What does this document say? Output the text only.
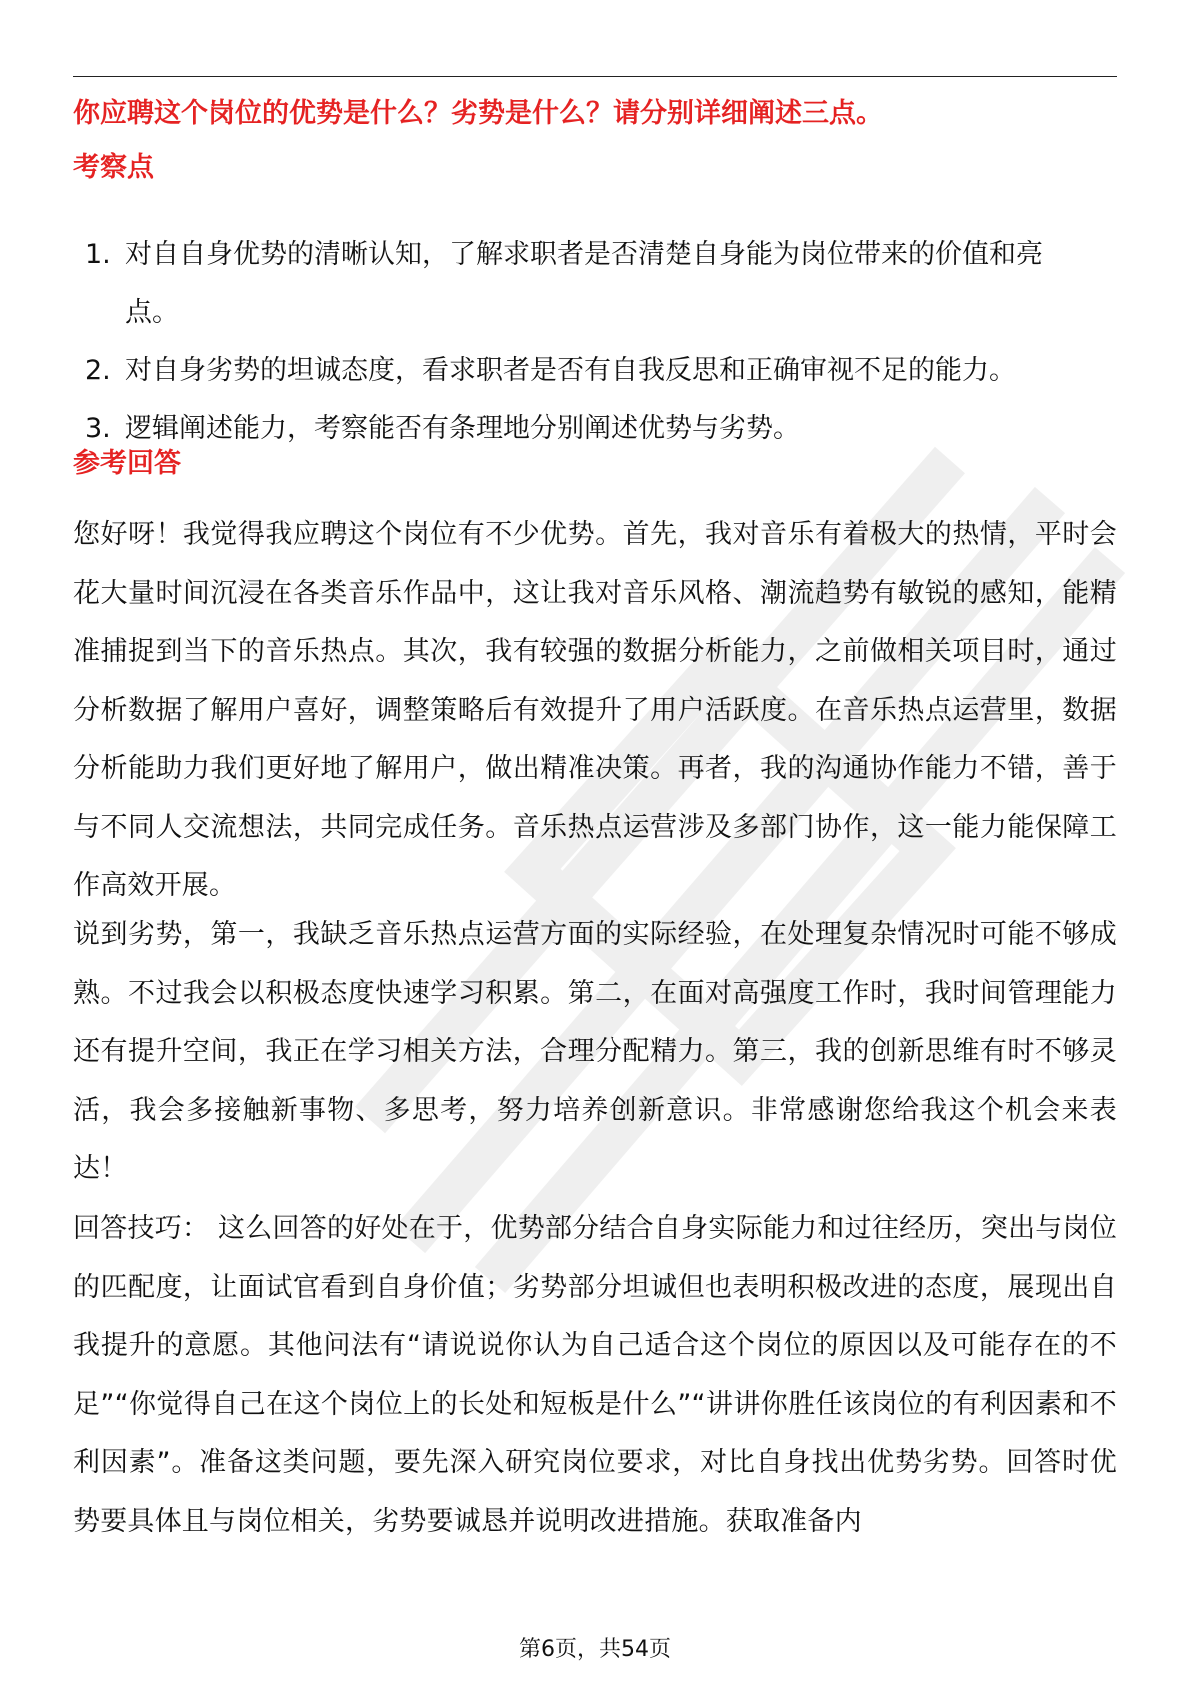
你应聘这个岗位的优势是什么？劣势是什么？请分别详细阐述三点。
考察点
1. 对自自身优势的清晰认知，了解求职者是否清楚自身能为岗位带来的价值和亮点。
2. 对自身劣势的坦诚态度，看求职者是否有自我反思和正确审视不足的能力。
3. 逻辑阐述能力，考察能否有条理地分别阐述优势与劣势。
参考回答

您好呀！我觉得我应聘这个岗位有不少优势。首先，我对音乐有着极大的热情，平时会花大量时间沉浸在各类音乐作品中，这让我对音乐风格、潮流趋势有敏锐的感知，能精准捕捉到当下的音乐热点。其次，我有较强的数据分析能力，之前做相关项目时，通过分析数据了解用户喜好，调整策略后有效提升了用户活跃度。在音乐热点运营里，数据分析能助力我们更好地了解用户，做出精准决策。再者，我的沟通协作能力不错，善于与不同人交流想法，共同完成任务。音乐热点运营涉及多部门协作，这一能力能保障工作高效开展。

说到劣势，第一，我缺乏音乐热点运营方面的实际经验，在处理复杂情况时可能不够成熟。不过我会以积极态度快速学习积累。第二，在面对高强度工作时，我时间管理能力还有提升空间，我正在学习相关方法，合理分配精力。第三，我的创新思维有时不够灵活，我会多接触新事物、多思考，努力培养创新意识。非常感谢您给我这个机会来表达！

回答技巧： 这么回答的好处在于，优势部分结合自身实际能力和过往经历，突出与岗位的匹配度，让面试官看到自身价值；劣势部分坦诚但也表明积极改进的态度，展现出自我提升的意愿。其他问法有“请说说你认为自己适合这个岗位的原因以及可能存在的不足”“你觉得自己在这个岗位上的长处和短板是什么”“讲讲你胜任该岗位的有利因素和不利因素”。准备这类问题，要先深入研究岗位要求，对比自身找出优势劣势。回答时优势要具体且与岗位相关，劣势要诚恳并说明改进措施。获取准备内

第6页，共54页
